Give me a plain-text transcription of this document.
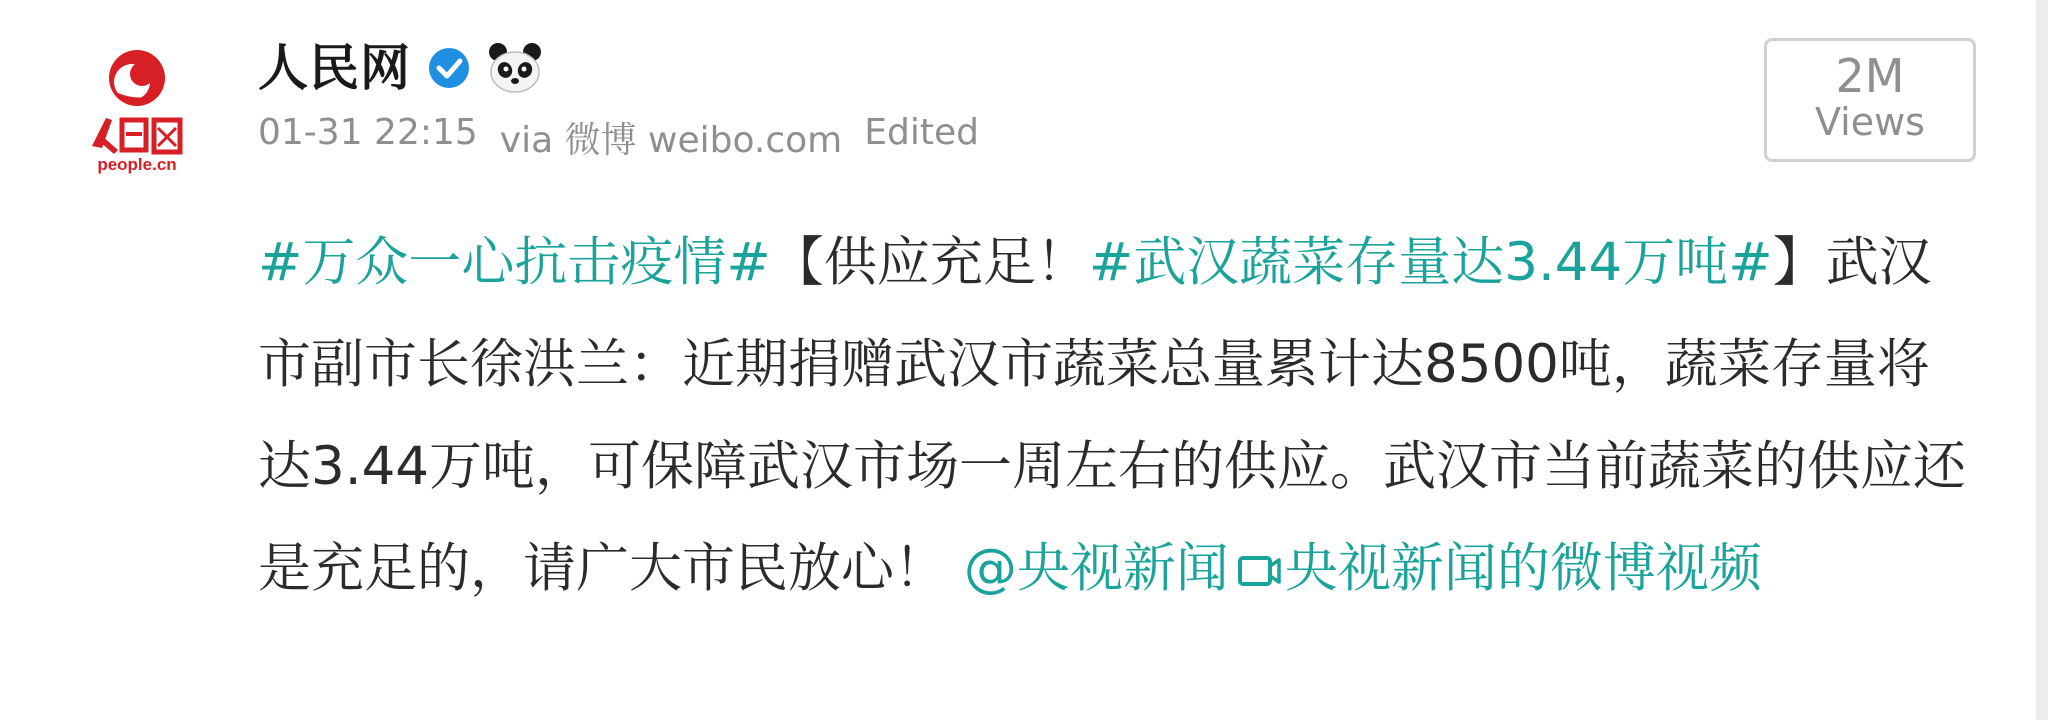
people.cn
人民网
01-31 22:15 via 微博 weibo.com Edited
2M
Views
#万众一心抗击疫情#【供应充足！#武汉蔬菜存量达3.44万吨#】武汉市副市长徐洪兰：近期捐赠武汉市蔬菜总量累计达8500吨，蔬菜存量将达3.44万吨，可保障武汉市场一周左右的供应。武汉市当前蔬菜的供应还是充足的，请广大市民放心！ @央视新闻 央视新闻的微博视频
